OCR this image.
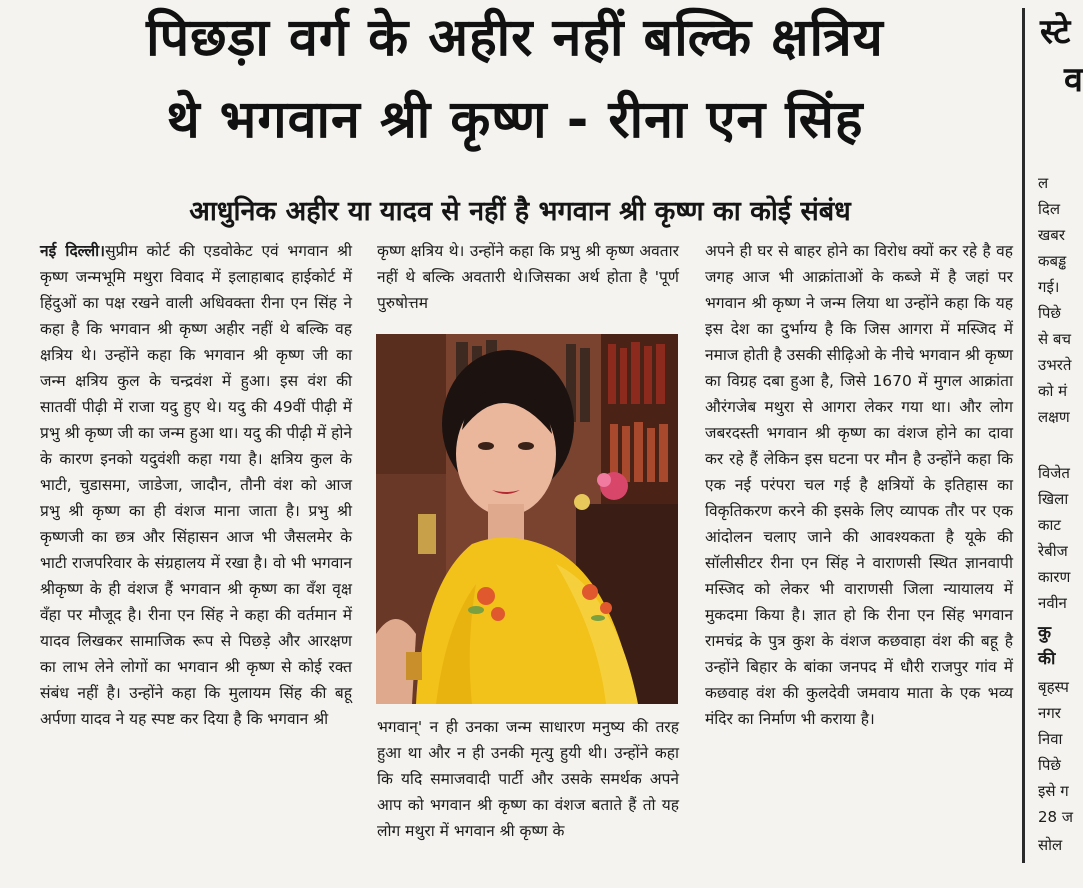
पिछड़ा वर्ग के अहीर नहीं बल्कि क्षत्रिय
थे भगवान श्री कृष्ण - रीना एन सिंह
आधुनिक अहीर या यादव से नहीं है भगवान श्री कृष्ण का कोई संबंध

नई दिल्ली।सुप्रीम कोर्ट की एडवोकेट एवं भगवान श्री कृष्ण जन्मभूमि मथुरा विवाद में इलाहाबाद हाईकोर्ट में हिंदुओं का पक्ष रखने वाली अधिवक्ता रीना एन सिंह ने कहा है कि भगवान श्री कृष्ण अहीर नहीं थे बल्कि वह क्षत्रिय थे। उन्होंने कहा कि भगवान श्री कृष्ण जी का जन्म क्षत्रिय कुल के चन्द्रवंश में हुआ। इस वंश की सातवीं पीढ़ी में राजा यदु हुए थे। यदु की 49वीं पीढ़ी में प्रभु श्री कृष्ण जी का जन्म हुआ था। यदु की पीढ़ी में होने के कारण इनको यदुवंशी कहा गया है। क्षत्रिय कुल के भाटी, चुडासमा, जाडेजा, जादौन, तौनी वंश को आज प्रभु श्री कृष्ण का ही वंशज माना जाता है। प्रभु श्री कृष्णजी का छत्र और सिंहासन आज भी जैसलमेर के भाटी राजपरिवार के संग्रहालय में रखा है। वो भी भगवान श्रीकृष्ण के ही वंशज हैं भगवान श्री कृष्ण का वँश वृक्ष वँहा पर मौजूद है। रीना एन सिंह ने कहा की वर्तमान में यादव लिखकर सामाजिक रूप से पिछड़े और आरक्षण का लाभ लेने लोगों का भगवान श्री कृष्ण से कोई रक्त संबंध नहीं है। उन्होंने कहा कि मुलायम सिंह की बहू अर्पणा यादव ने यह स्पष्ट कर दिया है कि भगवान श्री

कृष्ण क्षत्रिय थे। उन्होंने कहा कि प्रभु श्री कृष्ण अवतार नहीं थे बल्कि अवतारी थे।जिसका अर्थ होता है 'पूर्ण पुरुषोत्तम

भगवान्' न ही उनका जन्म साधारण मनुष्य की तरह हुआ था और न ही उनकी मृत्यु हुयी थी। उन्होंने कहा कि यदि समाजवादी पार्टी और उसके समर्थक अपने आप को भगवान श्री कृष्ण का वंशज बताते हैं तो यह लोग मथुरा में भगवान श्री कृष्ण के

अपने ही घर से बाहर होने का विरोध क्यों कर रहे है वह जगह आज भी आक्रांताओं के कब्जे में है जहां पर भगवान श्री कृष्ण ने जन्म लिया था उन्होंने कहा कि यह इस देश का दुर्भाग्य है कि जिस आगरा में मस्जिद में नमाज होती है उसकी सीढ़िओ के नीचे भगवान श्री कृष्ण का विग्रह दबा हुआ है, जिसे 1670 में मुगल आक्रांता औरंगजेब मथुरा से आगरा लेकर गया था। और लोग जबरदस्ती भगवान श्री कृष्ण का वंशज होने का दावा कर रहे हैं लेकिन इस घटना पर मौन है उन्होंने कहा कि एक नई परंपरा चल गई है क्षत्रियों के इतिहास का विकृतिकरण करने की इसके लिए व्यापक तौर पर एक आंदोलन चलाए जाने की आवश्यकता है यूके की सॉलीसीटर रीना एन सिंह ने वाराणसी स्थित ज्ञानवापी मस्जिद को लेकर भी वाराणसी जिला न्यायालय में मुकदमा किया है। ज्ञात हो कि रीना एन सिंह भगवान रामचंद्र के पुत्र कुश के वंशज कछवाहा वंश की बहू है उन्होंने बिहार के बांका जनपद में धौरी राजपुर गांव में कछवाह वंश की कुलदेवी जमवाय माता के एक भव्य मंदिर का निर्माण भी कराया है।

स्टे
व
ल
दिल
खबर
कबड्ढ
गई।
पिछे
से बच
उभरते
को मं
लक्षण
विजेत
खिला
काट
रेबीज
कारण
नवीन
कु
की
बृहस्प
नगर
निवा
पिछे
इसे ग
28 ज
सोल
